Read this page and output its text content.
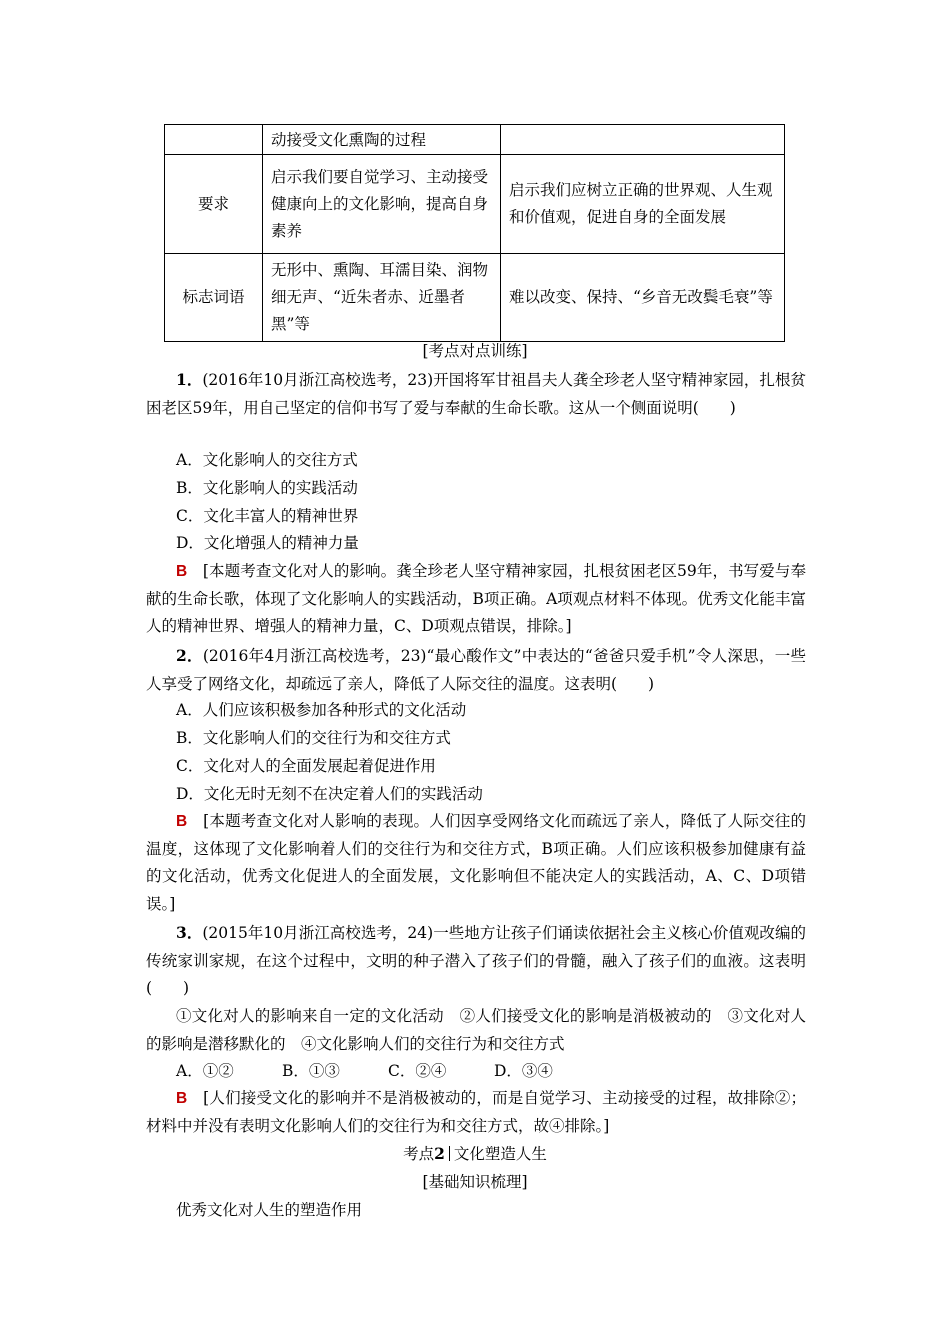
	动接受文化熏陶的过程	
要求	启示我们要自觉学习、主动接受健康向上的文化影响，提高自身素养	启示我们应树立正确的世界观、人生观和价值观，促进自身的全面发展
标志词语	无形中、熏陶、耳濡目染、润物细无声、“近朱者赤、近墨者黑”等	难以改变、保持、“乡音无改鬓毛衰”等
[考点对点训练]
1．(2016年10月浙江高校选考，23)开国将军甘祖昌夫人龚全珍老人坚守精神家园，扎根贫困老区59年，用自己坚定的信仰书写了爱与奉献的生命长歌。这从一个侧面说明(　　)
A．文化影响人的交往方式
B．文化影响人的实践活动
C．文化丰富人的精神世界
D．文化增强人的精神力量
B　 [本题考查文化对人的影响。龚全珍老人坚守精神家园，扎根贫困老区59年，书写爱与奉献的生命长歌，体现了文化影响人的实践活动，B项正确。A项观点材料不体现。优秀文化能丰富人的精神世界、增强人的精神力量，C、D项观点错误，排除。]
2．(2016年4月浙江高校选考，23)“最心酸作文”中表达的“爸爸只爱手机”令人深思，一些人享受了网络文化，却疏远了亲人，降低了人际交往的温度。这表明(　　)
A．人们应该积极参加各种形式的文化活动
B．文化影响人们的交往行为和交往方式
C．文化对人的全面发展起着促进作用
D．文化无时无刻不在决定着人们的实践活动
B　 [本题考查文化对人影响的表现。人们因享受网络文化而疏远了亲人，降低了人际交往的温度，这体现了文化影响着人们的交往行为和交往方式，B项正确。人们应该积极参加健康有益的文化活动，优秀文化促进人的全面发展，文化影响但不能决定人的实践活动，A、C、D项错误。]
3．(2015年10月浙江高校选考，24)一些地方让孩子们诵读依据社会主义核心价值观改编的传统家训家规，在这个过程中，文明的种子潜入了孩子们的骨髓，融入了孩子们的血液。这表明(　　)
①文化对人的影响来自一定的文化活动　②人们接受文化的影响是消极被动的　③文化对人的影响是潜移默化的　④文化影响人们的交往行为和交往方式
A．①②	B．①③	C．②④	D．③④
B　 [人们接受文化的影响并不是消极被动的，而是自觉学习、主动接受的过程，故排除②；材料中并没有表明文化影响人们的交往行为和交往方式，故④排除。]
考点2 文化塑造人生
[基础知识梳理]
优秀文化对人生的塑造作用
